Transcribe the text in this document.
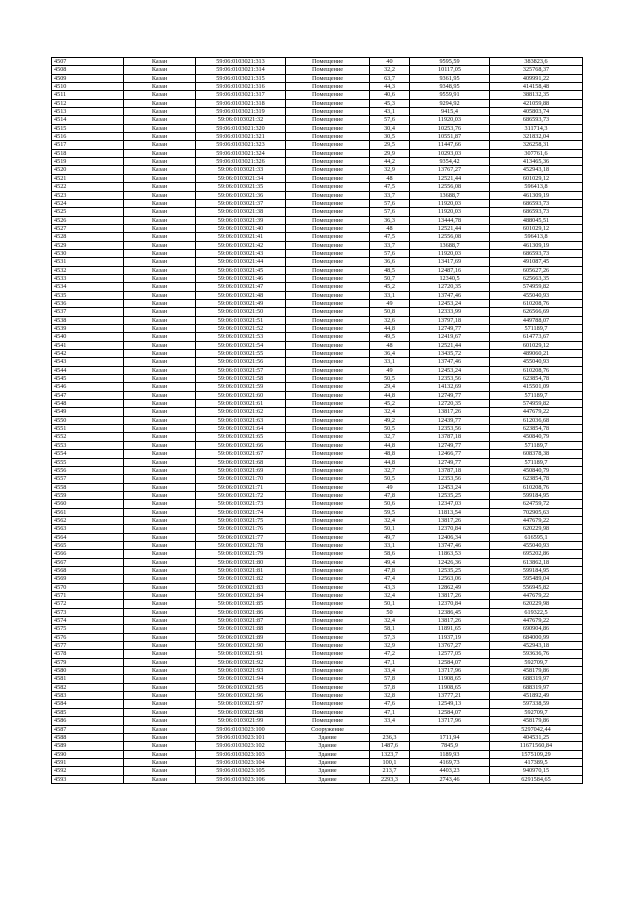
4507	Казан	59:06:0103021:313	Помещение	40	9595,59	383823,6
4508	Казан	59:06:0103021:314	Помещение	32,2	10117,05	325768,37
4509	Казан	59:06:0103021:315	Помещение	63,7	9361,95	409991,22
4510	Казан	59:06:0103021:316	Помещение	44,3	9348,95	414158,48
4511	Казан	59:06:0103021:317	Помещение	40,6	9559,91	388132,35
4512	Казан	59:06:0103021:318	Помещение	45,3	9294,92	421059,88
4513	Казан	59:06:0103021:319	Помещение	43,1	9415,4	405803,74
4514	Казан	59:06:0103021:32	Помещение	57,6	11920,03	686593,73
4515	Казан	59:06:0103021:320	Помещение	30,4	10253,76	311714,3
4516	Казан	59:06:0103021:321	Помещение	30,5	10551,87	321832,04
4517	Казан	59:06:0103021:323	Помещение	29,5	11447,66	326258,31
4518	Казан	59:06:0103021:324	Помещение	29,9	10293,03	307761,6
4519	Казан	59:06:0103021:326	Помещение	44,2	9354,42	413465,36
4520	Казан	59:06:0103021:33	Помещение	32,9	13767,27	452943,18
4521	Казан	59:06:0103021:34	Помещение	48	12521,44	601029,12
4522	Казан	59:06:0103021:35	Помещение	47,5	12556,08	596413,8
4523	Казан	59:06:0103021:36	Помещение	33,7	13688,7	461309,19
4524	Казан	59:06:0103021:37	Помещение	57,6	11920,03	686593,73
4525	Казан	59:06:0103021:38	Помещение	57,6	11920,03	686593,73
4526	Казан	59:06:0103021:39	Помещение	36,3	13444,78	488045,51
4527	Казан	59:06:0103021:40	Помещение	48	12521,44	601029,12
4528	Казан	59:06:0103021:41	Помещение	47,5	12556,08	596413,8
4529	Казан	59:06:0103021:42	Помещение	33,7	13688,7	461309,19
4530	Казан	59:06:0103021:43	Помещение	57,6	11920,03	686593,73
4531	Казан	59:06:0103021:44	Помещение	36,6	13417,69	491087,45
4532	Казан	59:06:0103021:45	Помещение	48,5	12487,16	605627,26
4533	Казан	59:06:0103021:46	Помещение	50,7	12340,5	625663,35
4534	Казан	59:06:0103021:47	Помещение	45,2	12720,35	574959,82
4535	Казан	59:06:0103021:48	Помещение	33,1	13747,46	455040,93
4536	Казан	59:06:0103021:49	Помещение	49	12453,24	610208,76
4537	Казан	59:06:0103021:50	Помещение	50,8	12333,99	626566,69
4538	Казан	59:06:0103021:51	Помещение	32,6	13797,18	449788,07
4539	Казан	59:06:0103021:52	Помещение	44,8	12749,77	571189,7
4540	Казан	59:06:0103021:53	Помещение	49,5	12419,67	614773,67
4541	Казан	59:06:0103021:54	Помещение	48	12521,44	601029,12
4542	Казан	59:06:0103021:55	Помещение	36,4	13435,72	489060,21
4543	Казан	59:06:0103021:56	Помещение	33,1	13747,46	455040,93
4544	Казан	59:06:0103021:57	Помещение	49	12453,24	610208,76
4545	Казан	59:06:0103021:58	Помещение	50,5	12353,56	623854,78
4546	Казан	59:06:0103021:59	Помещение	29,4	14132,69	415501,09
4547	Казан	59:06:0103021:60	Помещение	44,8	12749,77	571189,7
4548	Казан	59:06:0103021:61	Помещение	45,2	12720,35	574959,82
4549	Казан	59:06:0103021:62	Помещение	32,4	13817,26	447679,22
4550	Казан	59:06:0103021:63	Помещение	49,2	12439,77	612036,68
4551	Казан	59:06:0103021:64	Помещение	50,5	12353,56	623854,78
4552	Казан	59:06:0103021:65	Помещение	32,7	13787,18	450840,79
4553	Казан	59:06:0103021:66	Помещение	44,8	12749,77	571189,7
4554	Казан	59:06:0103021:67	Помещение	48,8	12466,77	608378,38
4555	Казан	59:06:0103021:68	Помещение	44,8	12749,77	571189,7
4556	Казан	59:06:0103021:69	Помещение	32,7	13787,18	450840,79
4557	Казан	59:06:0103021:70	Помещение	50,5	12353,56	623854,78
4558	Казан	59:06:0103021:71	Помещение	49	12453,24	610208,76
4559	Казан	59:06:0103021:72	Помещение	47,8	12535,25	599184,95
4560	Казан	59:06:0103021:73	Помещение	50,6	12347,03	624759,72
4561	Казан	59:06:0103021:74	Помещение	59,5	11813,54	702905,63
4562	Казан	59:06:0103021:75	Помещение	32,4	13817,26	447679,22
4563	Казан	59:06:0103021:76	Помещение	50,1	12370,84	620229,98
4564	Казан	59:06:0103021:77	Помещение	49,7	12406,34	616595,1
4565	Казан	59:06:0103021:78	Помещение	33,1	13747,46	455040,93
4566	Казан	59:06:0103021:79	Помещение	58,6	11863,53	695202,86
4567	Казан	59:06:0103021:80	Помещение	49,4	12426,36	613862,18
4568	Казан	59:06:0103021:81	Помещение	47,8	12535,25	599184,95
4569	Казан	59:06:0103021:82	Помещение	47,4	12563,06	595489,04
4570	Казан	59:06:0103021:83	Помещение	43,3	12862,49	556945,82
4571	Казан	59:06:0103021:84	Помещение	32,4	13817,26	447679,22
4572	Казан	59:06:0103021:85	Помещение	50,1	12370,84	620229,98
4573	Казан	59:06:0103021:86	Помещение	50	12386,45	619322,5
4574	Казан	59:06:0103021:87	Помещение	32,4	13817,26	447679,22
4575	Казан	59:06:0103021:88	Помещение	58,1	11891,65	690904,86
4576	Казан	59:06:0103021:89	Помещение	57,3	11937,19	684000,99
4577	Казан	59:06:0103021:90	Помещение	32,9	13767,27	452943,18
4578	Казан	59:06:0103021:91	Помещение	47,2	12577,05	593636,76
4579	Казан	59:06:0103021:92	Помещение	47,1	12584,07	592709,7
4580	Казан	59:06:0103021:93	Помещение	33,4	13717,96	458179,86
4581	Казан	59:06:0103021:94	Помещение	57,8	11908,65	688319,97
4582	Казан	59:06:0103021:95	Помещение	57,8	11908,65	688319,97
4583	Казан	59:06:0103021:96	Помещение	32,8	13777,21	451892,49
4584	Казан	59:06:0103021:97	Помещение	47,6	12549,13	597338,59
4585	Казан	59:06:0103021:98	Помещение	47,1	12584,07	592709,7
4586	Казан	59:06:0103021:99	Помещение	33,4	13717,96	458179,86
4587	Казан	59:06:0103023:100	Сооружение			5297042,44
4588	Казан	59:06:0103023:101	Здание	236,3	1711,94	404531,25
4589	Казан	59:06:0103023:102	Здание	1487,6	7845,9	11671560,84
4590	Казан	59:06:0103023:103	Здание	1323,7	1189,93	1575109,29
4591	Казан	59:06:0103023:104	Здание	100,1	4169,73	417389,5
4592	Казан	59:06:0103023:105	Здание	213,7	4403,23	940970,15
4593	Казан	59:06:0103023:106	Здание	2293,3	2743,46	6291584,65
